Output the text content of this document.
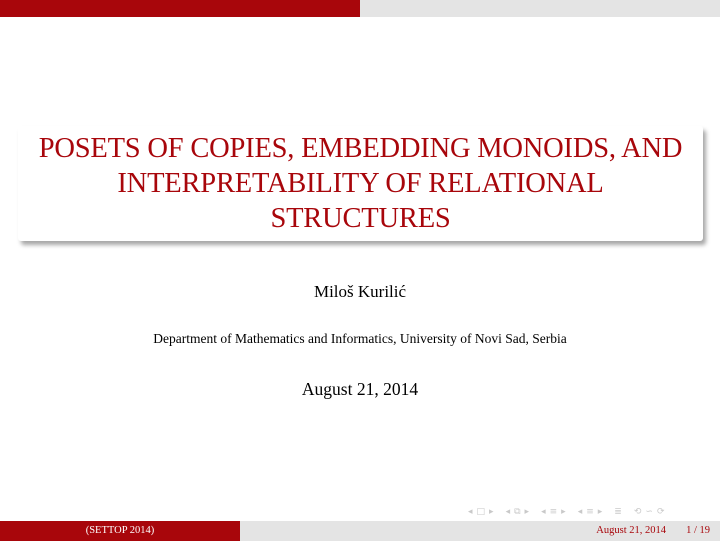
POSETS OF COPIES, EMBEDDING MONOIDS, AND INTERPRETABILITY OF RELATIONAL STRUCTURES
Miloš Kurilić
Department of Mathematics and Informatics, University of Novi Sad, Serbia
August 21, 2014
◂ □ ▸ ◂ ⧉ ▸ ◂ ≡ ▸ ◂ ≡ ▸ ≣ ⟲ ∽ ⟳
(SETTOP 2014)	August 21, 2014 1 / 19
